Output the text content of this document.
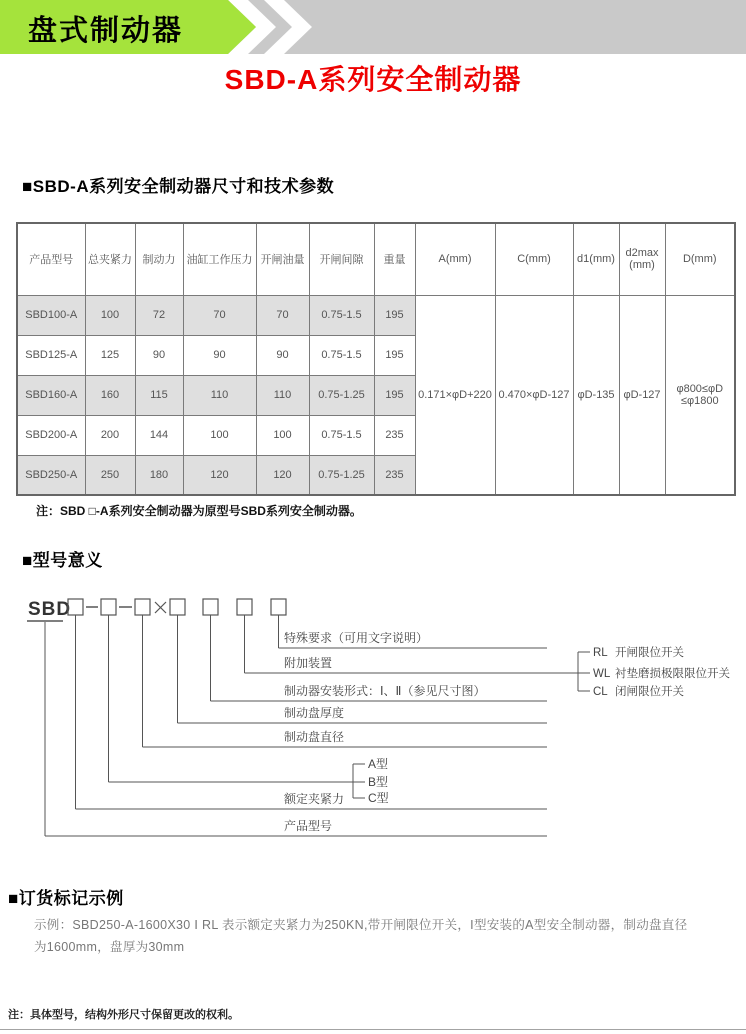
盘式制动器
SBD-A系列安全制动器
■SBD-A系列安全制动器尺寸和技术参数
产品型号	总夹紧力	制动力	油缸工作压力	开闸油量	开闸间隙	重量	A(mm)	C(mm)	d1(mm)	d2max (mm)	D(mm)
SBD100-A	100	72	70	70	0.75-1.5	195	0.171×φD+220	0.470×φD-127	φD-135	φD-127	φ800≤φD
≤φ1800

SBD125-A	125	90	90	90	0.75-1.5	195					
SBD160-A	160	115	110	110	0.75-1.25	195					
SBD200-A	200	144	100	100	0.75-1.5	235					
SBD250-A	250	180	120	120	0.75-1.25	235					
注：SBD □-A系列安全制动器为原型号SBD系列安全制动器。
■型号意义
SBD
特殊要求（可用文字说明）
附加装置
制动器安装形式：Ⅰ、Ⅱ（参见尺寸图）
制动盘厚度
制动盘直径
额定夹紧力
产品型号
RL 开闸限位开关
WL 衬垫磨损极限限位开关
CL 闭闸限位开关
A型
B型
C型
■订货标记示例
示例：SBD250-A-1600X30 Ⅰ RL 表示额定夹紧力为250KN,带开闸限位开关，I型安装的A型安全制动器，制动盘直径
为1600mm，盘厚为30mm
注：具体型号，结构外形尺寸保留更改的权利。
